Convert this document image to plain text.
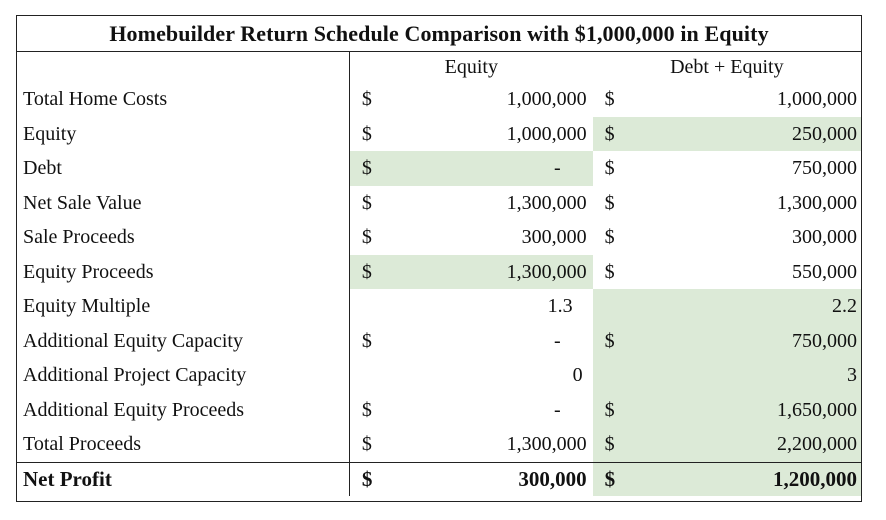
Homebuilder Return Schedule Comparison with $1,000,000 in Equity
	Equity		Debt + Equity	
Total Home Costs	$	1,000,000	$	1,000,000
Equity	$	1,000,000	$	250,000
Debt	$	-	$	750,000
Net Sale Value	$	1,300,000	$	1,300,000
Sale Proceeds	$	300,000	$	300,000
Equity Proceeds	$	1,300,000	$	550,000
Equity Multiple		1.3		2.2
Additional Equity Capacity	$	-	$	750,000
Additional Project Capacity		0		3
Additional Equity Proceeds	$	-	$	1,650,000
Total Proceeds	$	1,300,000	$	2,200,000
Net Profit	$	300,000	$	1,200,000
